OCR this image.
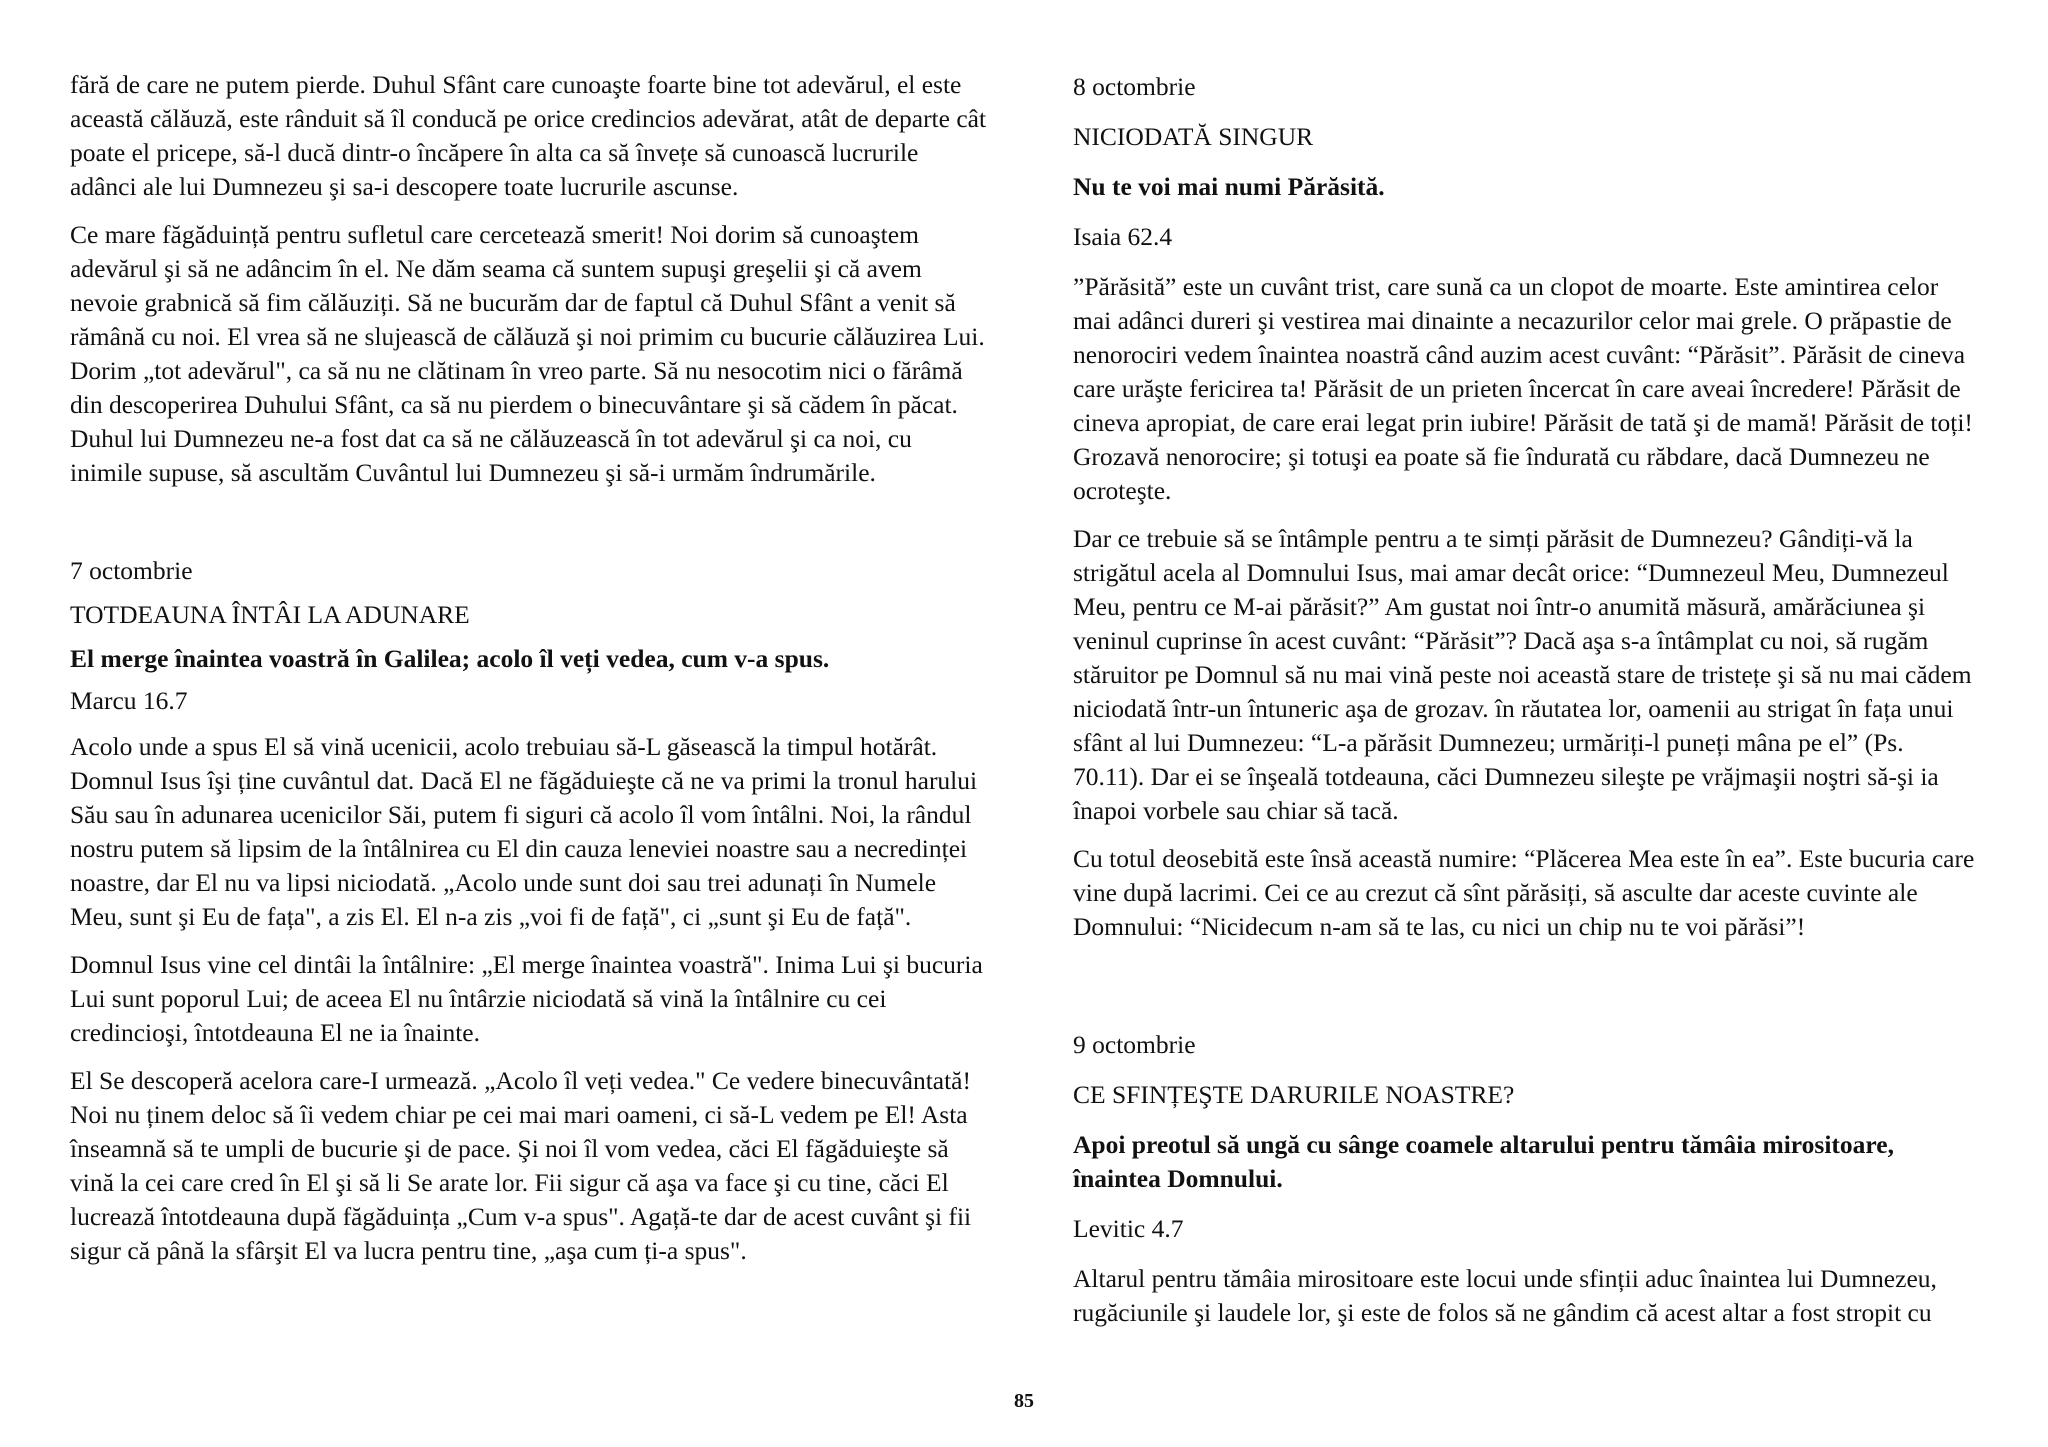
fără de care ne putem pierde. Duhul Sfânt care cunoaşte foarte bine tot adevărul, el este această călăuză, este rânduit să îl conducă pe orice credincios adevărat, atât de departe cât poate el pricepe, să-l ducă dintr-o încăpere în alta ca să învețe să cunoască lucrurile adânci ale lui Dumnezeu şi sa-i descopere toate lucrurile ascunse.

Ce mare făgăduință pentru sufletul care cercetează smerit! Noi dorim să cunoaştem adevărul şi să ne adâncim în el. Ne dăm seama că suntem supuşi greşelii şi că avem nevoie grabnică să fim călăuziți. Să ne bucurăm dar de faptul că Duhul Sfânt a venit să rămână cu noi. El vrea să ne slujească de călăuză şi noi primim cu bucurie călăuzirea Lui. Dorim „tot adevărul", ca să nu ne clătinam în vreo parte. Să nu nesocotim nici o fărâmă din descoperirea Duhului Sfânt, ca să nu pierdem o binecuvântare şi să cădem în păcat. Duhul lui Dumnezeu ne-a fost dat ca să ne călăuzească în tot adevărul şi ca noi, cu inimile supuse, să ascultăm Cuvântul lui Dumnezeu şi să-i urmăm îndrumările.

7 octombrie

TOTDEAUNA ÎNTÂI LA ADUNARE

El merge înaintea voastră în Galilea; acolo îl veți vedea, cum v-a spus.

Marcu 16.7

Acolo unde a spus El să vină ucenicii, acolo trebuiau să-L găsească la timpul hotărât. Domnul Isus îşi ține cuvântul dat. Dacă El ne făgăduieşte că ne va primi la tronul harului Său sau în adunarea ucenicilor Săi, putem fi siguri că acolo îl vom întâlni. Noi, la rândul nostru putem să lipsim de la întâlnirea cu El din cauza leneviei noastre sau a necredinței noastre, dar El nu va lipsi niciodată. „Acolo unde sunt doi sau trei adunați în Numele Meu, sunt şi Eu de fața", a zis El. El n-a zis „voi fi de față", ci „sunt şi Eu de față".

Domnul Isus vine cel dintâi la întâlnire: „El merge înaintea voastră". Inima Lui şi bucuria Lui sunt poporul Lui; de aceea El nu întârzie niciodată să vină la întâlnire cu cei credincioşi, întotdeauna El ne ia înainte.

El Se descoperă acelora care-I urmează. „Acolo îl veți vedea." Ce vedere binecuvântată! Noi nu ținem deloc să îi vedem chiar pe cei mai mari oameni, ci să-L vedem pe El! Asta înseamnă să te umpli de bucurie şi de pace. Şi noi îl vom vedea, căci El făgăduieşte să vină la cei care cred în El şi să li Se arate lor. Fii sigur că aşa va face şi cu tine, căci El lucrează întotdeauna după făgăduința „Cum v-a spus". Agață-te dar de acest cuvânt şi fii sigur că până la sfârşit El va lucra pentru tine, „aşa cum ți-a spus".

8 octombrie

NICIODATĂ SINGUR

Nu te voi mai numi Părăsită.

Isaia 62.4

”Părăsită” este un cuvânt trist, care sună ca un clopot de moarte. Este amintirea celor mai adânci dureri şi vestirea mai dinainte a necazurilor celor mai grele. O prăpastie de nenorociri vedem înaintea noastră când auzim acest cuvânt: “Părăsit”. Părăsit de cineva care urăşte fericirea ta! Părăsit de un prieten încercat în care aveai încredere! Părăsit de cineva apropiat, de care erai legat prin iubire! Părăsit de tată şi de mamă! Părăsit de toți! Grozavă nenorocire; şi totuşi ea poate să fie îndurată cu răbdare, dacă Dumnezeu ne ocroteşte.

Dar ce trebuie să se întâmple pentru a te simți părăsit de Dumnezeu? Gândiți-vă la strigătul acela al Domnului Isus, mai amar decât orice: “Dumnezeul Meu, Dumnezeul Meu, pentru ce M-ai părăsit?” Am gustat noi într-o anumită măsură, amărăciunea şi veninul cuprinse în acest cuvânt: “Părăsit”? Dacă aşa s-a întâmplat cu noi, să rugăm stăruitor pe Domnul să nu mai vină peste noi această stare de tristețe şi să nu mai cădem niciodată într-un întuneric aşa de grozav. în răutatea lor, oamenii au strigat în fața unui sfânt al lui Dumnezeu: “L-a părăsit Dumnezeu; urmăriți-l puneți mâna pe el” (Ps. 70.11). Dar ei se înşeală totdeauna, căci Dumnezeu sileşte pe vrăjmaşii noştri să-şi ia înapoi vorbele sau chiar să tacă.

Cu totul deosebită este însă această numire: “Plăcerea Mea este în ea”. Este bucuria care vine după lacrimi. Cei ce au crezut că sînt părăsiți, să asculte dar aceste cuvinte ale Domnului: “Nicidecum n-am să te las, cu nici un chip nu te voi părăsi”!

9 octombrie

CE SFINȚEŞTE DARURILE NOASTRE?

Apoi preotul să ungă cu sânge coamele altarului pentru tămâia mirositoare, înaintea Domnului.

Levitic 4.7

Altarul pentru tămâia mirositoare este locui unde sfinții aduc înaintea lui Dumnezeu, rugăciunile şi laudele lor, şi este de folos să ne gândim că acest altar a fost stropit cu

85
